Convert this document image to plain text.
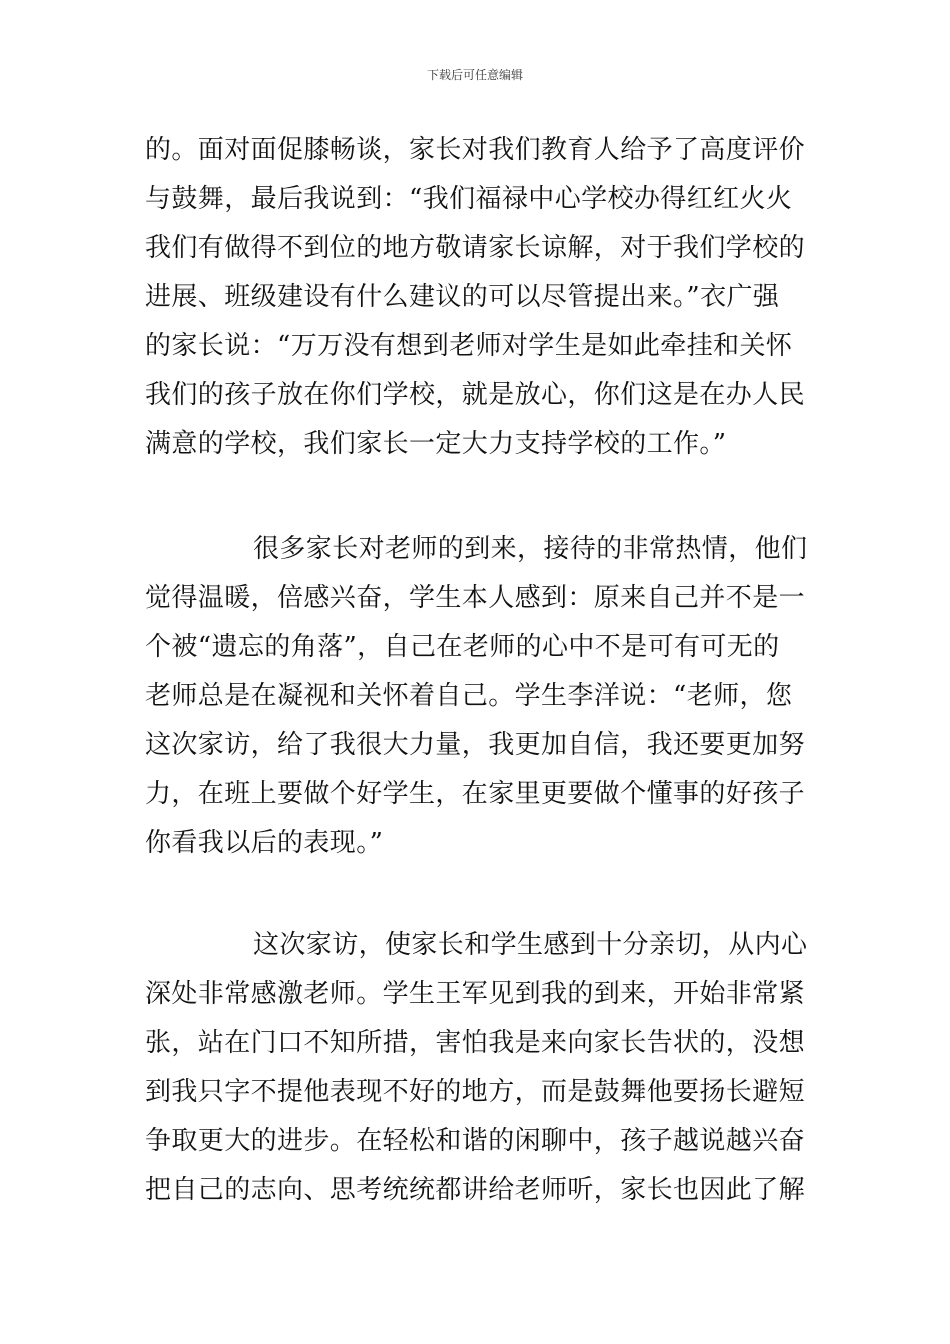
下载后可任意编辑
的。面对面促膝畅谈，家长对我们教育人给予了高度评价
与鼓舞，最后我说到：“我们福禄中心学校办得红红火火
我们有做得不到位的地方敬请家长谅解，对于我们学校的
进展、班级建设有什么建议的可以尽管提出来。”衣广强
的家长说：“万万没有想到老师对学生是如此牵挂和关怀
我们的孩子放在你们学校，就是放心，你们这是在办人民
满意的学校，我们家长一定大力支持学校的工作。”
很多家长对老师的到来，接待的非常热情，他们
觉得温暖，倍感兴奋，学生本人感到：原来自己并不是一
个被“遗忘的角落”，自己在老师的心中不是可有可无的
老师总是在凝视和关怀着自己。学生李洋说：“老师，您
这次家访，给了我很大力量，我更加自信，我还要更加努
力，在班上要做个好学生，在家里更要做个懂事的好孩子
你看我以后的表现。”
这次家访，使家长和学生感到十分亲切，从内心
深处非常感激老师。学生王军见到我的到来，开始非常紧
张，站在门口不知所措，害怕我是来向家长告状的，没想
到我只字不提他表现不好的地方，而是鼓舞他要扬长避短
争取更大的进步。在轻松和谐的闲聊中，孩子越说越兴奋
把自己的志向、思考统统都讲给老师听，家长也因此了解
